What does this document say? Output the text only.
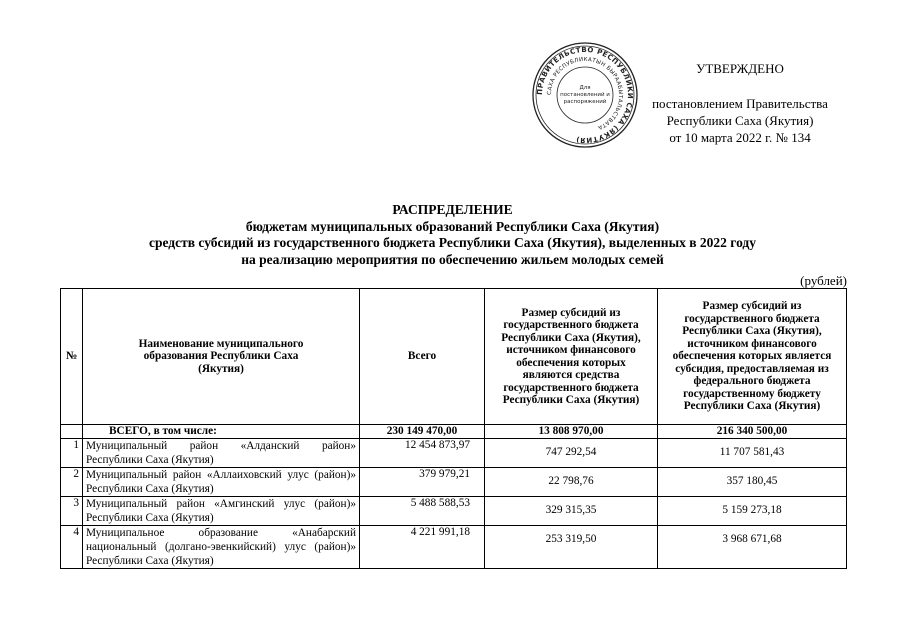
ПРАВИТЕЛЬСТВО РЕСПУБЛИКИ САХА (ЯКУТИЯ)
САХА РЕСПУБЛИКАТЫН БЫРААБЫТАЛЬСТВАТА
Для
постановлений и
распоряжений
УТВЕРЖДЕНО
постановлением Правительства
Республики Саха (Якутия)
от 10 марта 2022 г. № 134
РАСПРЕДЕЛЕНИЕ
бюджетам муниципальных образований Республики Саха (Якутия)
средств субсидий из государственного бюджета Республики Саха (Якутия), выделенных в 2022 году
на реализацию мероприятия по обеспечению жильем молодых семей
(рублей)
№	Наименование муниципального образования Республики Саха (Якутия)	Всего	Размер субсидий из государственного бюджета Республики Саха (Якутия), источником финансового обеспечения которых являются средства государственного бюджета Республики Саха (Якутия)	Размер субсидий из государственного бюджета Республики Саха (Якутия), источником финансового обеспечения которых является субсидия, предоставляемая из федерального бюджета государственному бюджету Республики Саха (Якутия)
	ВСЕГО, в том числе:	230 149 470,00	13 808 970,00	216 340 500,00
1	Муниципальный район «Алданский район» Республики Саха (Якутия)	12 454 873,97	747 292,54	11 707 581,43
2	Муниципальный район «Аллаиховский улус (район)» Республики Саха (Якутия)	379 979,21	22 798,76	357 180,45
3	Муниципальный район «Амгинский улус (район)» Республики Саха (Якутия)	5 488 588,53	329 315,35	5 159 273,18
4	Муниципальное образование «Анабарский национальный (долгано-эвенкийский) улус (район)» Республики Саха (Якутия)	4 221 991,18	253 319,50	3 968 671,68
